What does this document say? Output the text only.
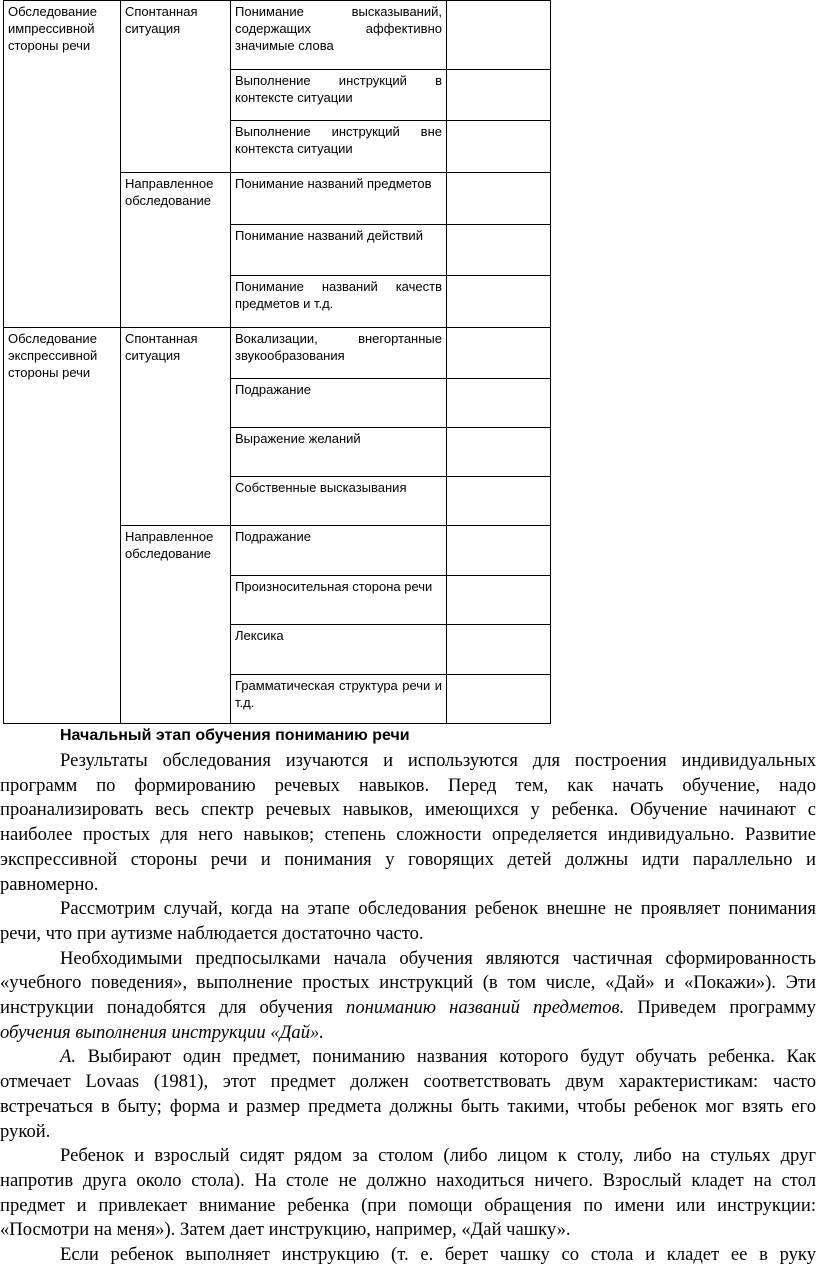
Обследование импрессивной стороны речи	Спонтанная ситуация	Понимание высказываний, содержащих аффективно значимые слова	
		Выполнение инструкций в контексте ситуации	
		Выполнение инструкций вне контекста ситуации	
	Направленное обследование	Понимание названий предметов	
		Понимание названий действий	
		Понимание названий качеств предметов и т.д.	
Обследование экспрессивной стороны речи	Спонтанная ситуация	Вокализации, внегортанные звукообразования	
		Подражание	
		Выражение желаний	
		Собственные высказывания	
	Направленное обследование	Подражание	
		Произносительная сторона речи	
		Лексика	
		Грамматическая структура речи и т.д.	
Начальный этап обучения пониманию речи

Результаты обследования изучаются и используются для построения индивидуальных программ по формированию речевых навыков. Перед тем, как начать обучение, надо проанализировать весь спектр речевых навыков, имеющихся у ребенка. Обучение начинают с наиболее простых для него навыков; степень сложности определяется индивидуально. Развитие экспрессивной стороны речи и понимания у говорящих детей должны идти параллельно и равномерно.

Рассмотрим случай, когда на этапе обследования ребенок внешне не проявляет понимания речи, что при аутизме наблюдается достаточно часто.

Необходимыми предпосылками начала обучения являются частичная сформированность «учебного поведения», выполнение простых инструкций (в том числе, «Дай» и «Покажи»). Эти инструкции понадобятся для обучения пониманию названий предметов. Приведем программу обучения выполнения инструкции «Дай».

А. Выбирают один предмет, пониманию названия которого будут обучать ребенка. Как отмечает Lovaas (1981), этот предмет должен соответствовать двум характеристикам: часто встречаться в быту; форма и размер предмета должны быть такими, чтобы ребенок мог взять его рукой.

Ребенок и взрослый сидят рядом за столом (либо лицом к столу, либо на стульях друг напротив друга около стола). На столе не должно находиться ничего. Взрослый кладет на стол предмет и привлекает внимание ребенка (при помощи обращения по имени или инструкции: «Посмотри на меня»). Затем дает инструкцию, например, «Дай чашку».

Если ребенок выполняет инструкцию (т. е. берет чашку со стола и кладет ее в руку
